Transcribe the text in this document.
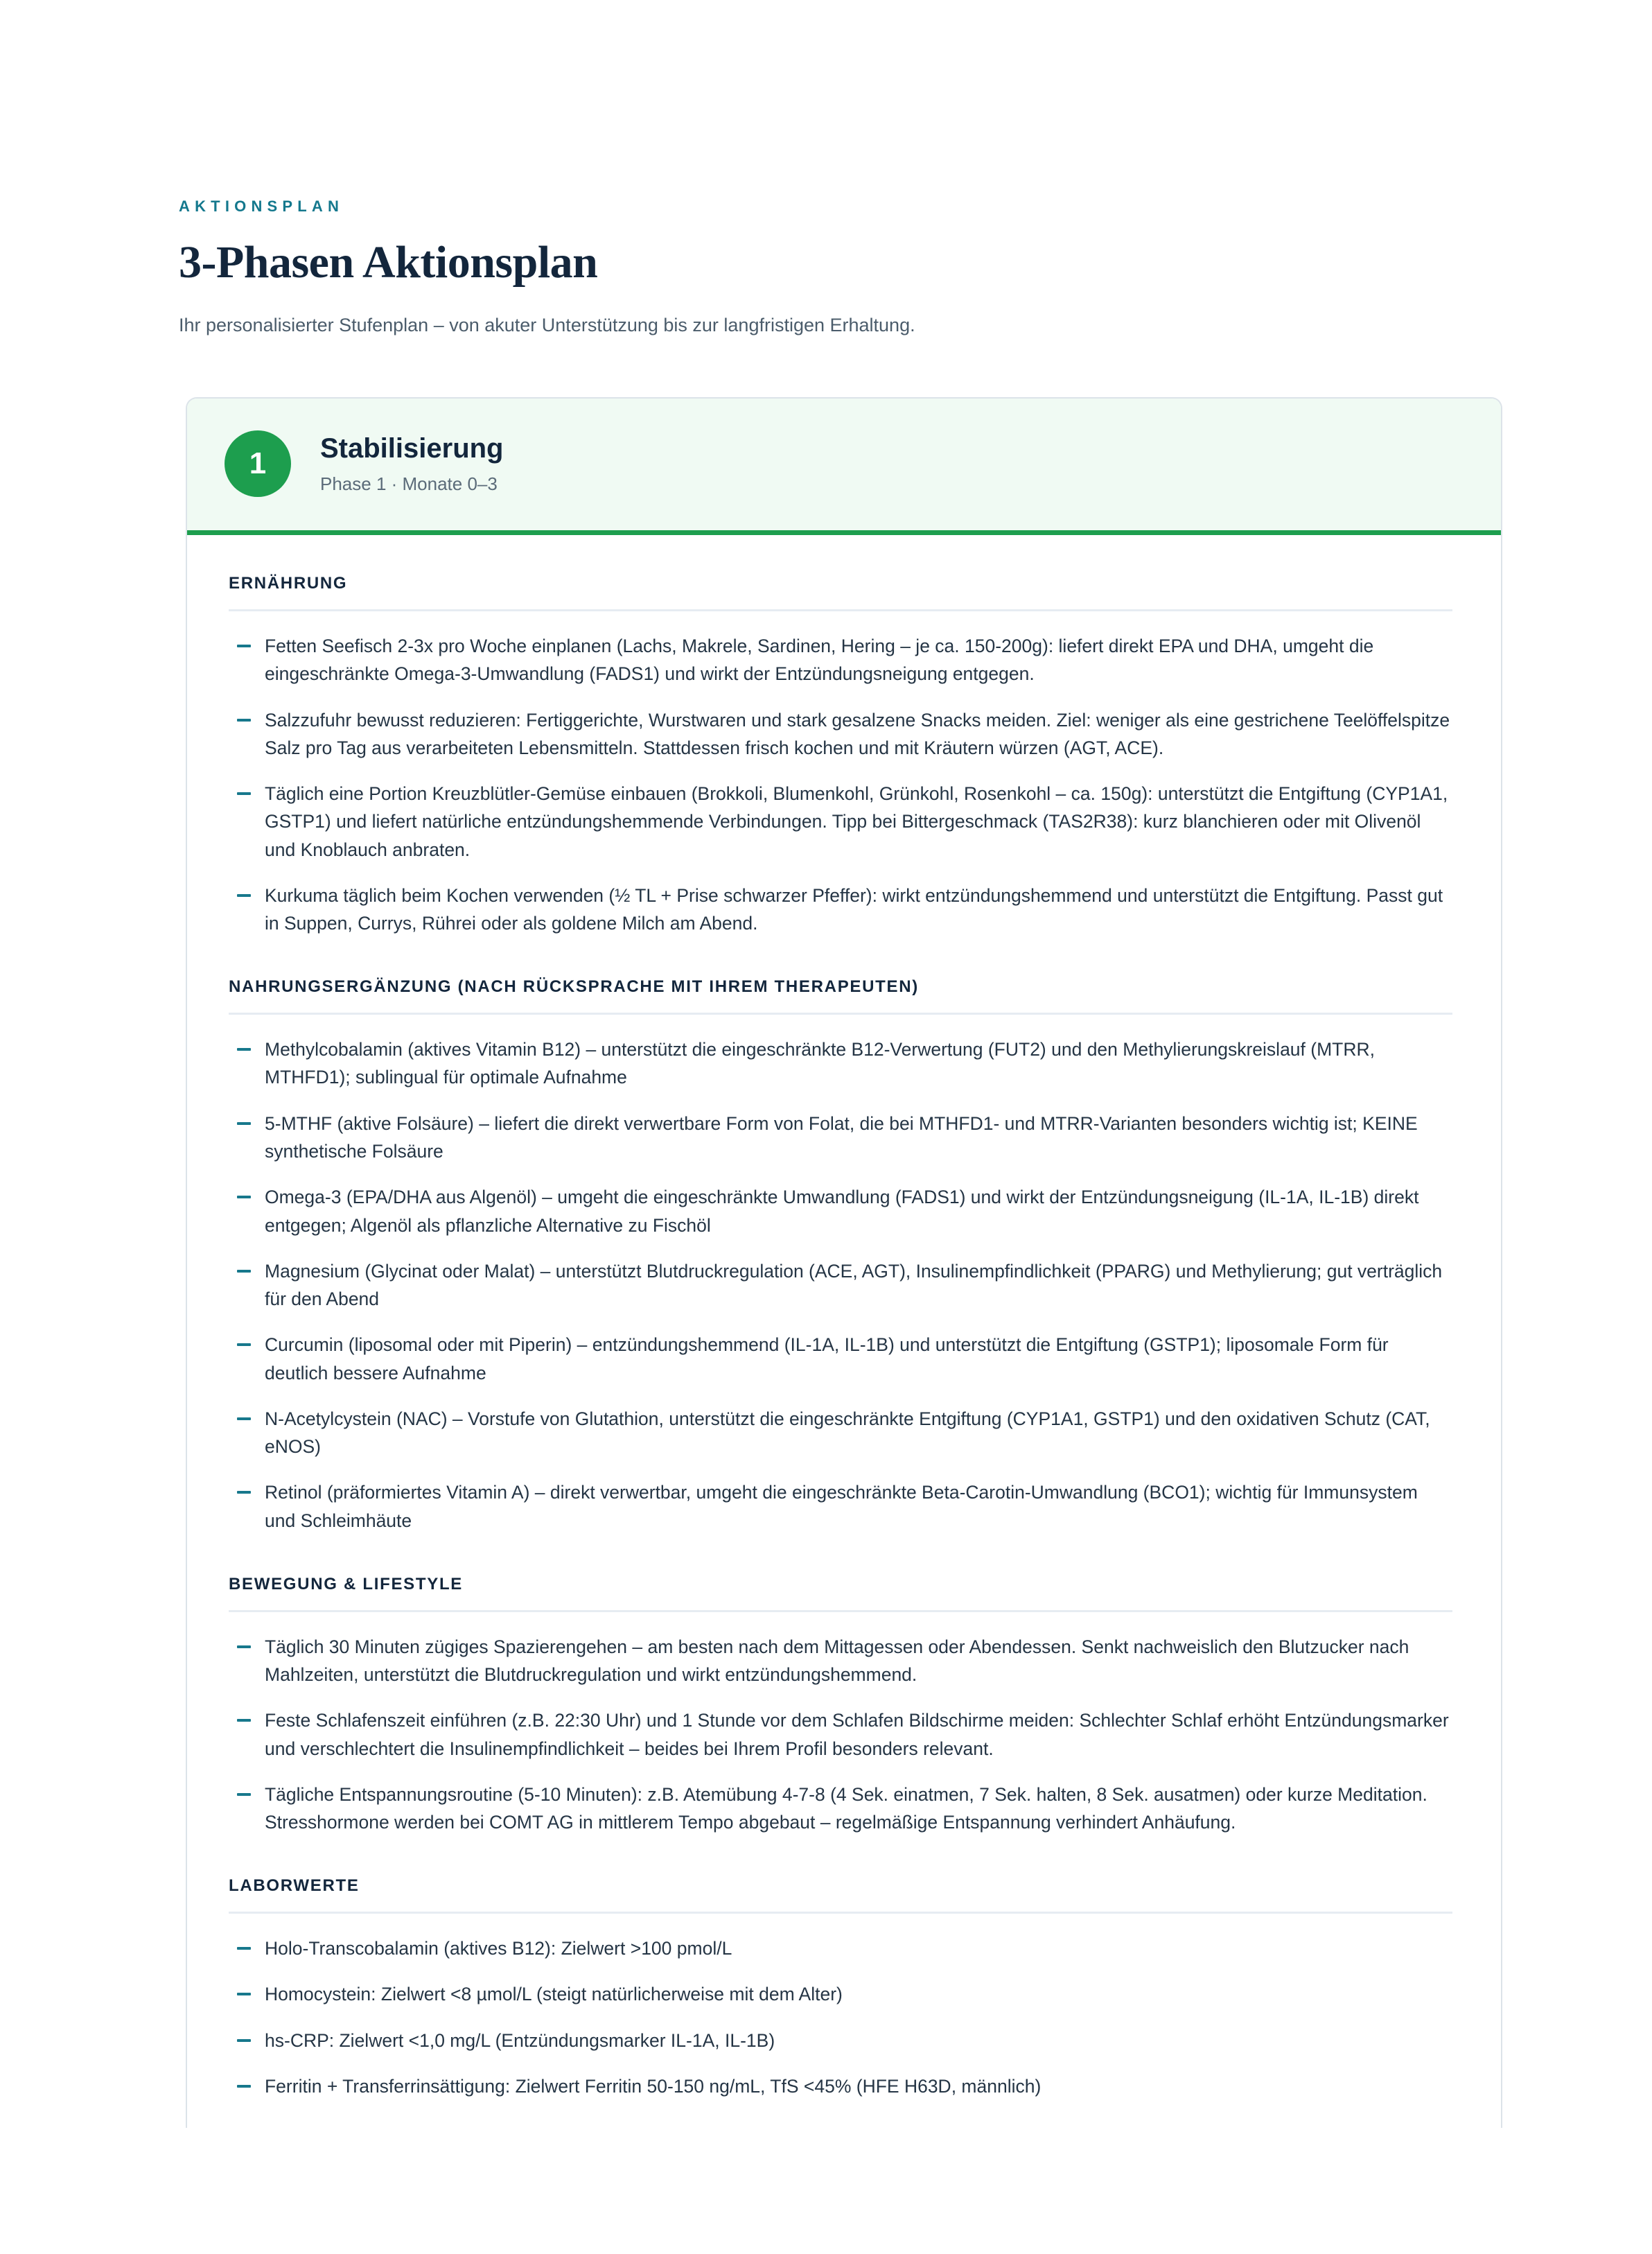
AKTIONSPLAN
3-Phasen Aktionsplan

Ihr personalisierter Stufenplan – von akuter Unterstützung bis zur langfristigen Erhaltung.

1	Stabilisierung
Phase 1 · Monate 0–3
ERNÄHRUNG
Fetten Seefisch 2-3x pro Woche einplanen (Lachs, Makrele, Sardinen, Hering – je ca. 150-200g): liefert direkt EPA und DHA, umgeht die eingeschränkte Omega-3-Umwandlung (FADS1) und wirkt der Entzündungsneigung entgegen.
Salzzufuhr bewusst reduzieren: Fertiggerichte, Wurstwaren und stark gesalzene Snacks meiden. Ziel: weniger als eine gestrichene Teelöffelspitze Salz pro Tag aus verarbeiteten Lebensmitteln. Stattdessen frisch kochen und mit Kräutern würzen (AGT, ACE).
Täglich eine Portion Kreuzblütler-Gemüse einbauen (Brokkoli, Blumenkohl, Grünkohl, Rosenkohl – ca. 150g): unterstützt die Entgiftung (CYP1A1, GSTP1) und liefert natürliche entzündungshemmende Verbindungen. Tipp bei Bittergeschmack (TAS2R38): kurz blanchieren oder mit Olivenöl und Knoblauch anbraten.
Kurkuma täglich beim Kochen verwenden (½ TL + Prise schwarzer Pfeffer): wirkt entzündungshemmend und unterstützt die Entgiftung. Passt gut in Suppen, Currys, Rührei oder als goldene Milch am Abend.
NAHRUNGSERGÄNZUNG (NACH RÜCKSPRACHE MIT IHREM THERAPEUTEN)
Methylcobalamin (aktives Vitamin B12) – unterstützt die eingeschränkte B12-Verwertung (FUT2) und den Methylierungskreislauf (MTRR, MTHFD1); sublingual für optimale Aufnahme
5-MTHF (aktive Folsäure) – liefert die direkt verwertbare Form von Folat, die bei MTHFD1- und MTRR-Varianten besonders wichtig ist; KEINE synthetische Folsäure
Omega-3 (EPA/DHA aus Algenöl) – umgeht die eingeschränkte Umwandlung (FADS1) und wirkt der Entzündungsneigung (IL-1A, IL-1B) direkt entgegen; Algenöl als pflanzliche Alternative zu Fischöl
Magnesium (Glycinat oder Malat) – unterstützt Blutdruckregulation (ACE, AGT), Insulinempfindlichkeit (PPARG) und Methylierung; gut verträglich für den Abend
Curcumin (liposomal oder mit Piperin) – entzündungshemmend (IL-1A, IL-1B) und unterstützt die Entgiftung (GSTP1); liposomale Form für deutlich bessere Aufnahme
N-Acetylcystein (NAC) – Vorstufe von Glutathion, unterstützt die eingeschränkte Entgiftung (CYP1A1, GSTP1) und den oxidativen Schutz (CAT, eNOS)
Retinol (präformiertes Vitamin A) – direkt verwertbar, umgeht die eingeschränkte Beta-Carotin-Umwandlung (BCO1); wichtig für Immunsystem und Schleimhäute
BEWEGUNG & LIFESTYLE
Täglich 30 Minuten zügiges Spazierengehen – am besten nach dem Mittagessen oder Abendessen. Senkt nachweislich den Blutzucker nach Mahlzeiten, unterstützt die Blutdruckregulation und wirkt entzündungshemmend.
Feste Schlafenszeit einführen (z.B. 22:30 Uhr) und 1 Stunde vor dem Schlafen Bildschirme meiden: Schlechter Schlaf erhöht Entzündungsmarker und verschlechtert die Insulinempfindlichkeit – beides bei Ihrem Profil besonders relevant.
Tägliche Entspannungsroutine (5-10 Minuten): z.B. Atemübung 4-7-8 (4 Sek. einatmen, 7 Sek. halten, 8 Sek. ausatmen) oder kurze Meditation. Stresshormone werden bei COMT AG in mittlerem Tempo abgebaut – regelmäßige Entspannung verhindert Anhäufung.
LABORWERTE
Holo-Transcobalamin (aktives B12): Zielwert >100 pmol/L
Homocystein: Zielwert <8 µmol/L (steigt natürlicherweise mit dem Alter)
hs-CRP: Zielwert <1,0 mg/L (Entzündungsmarker IL-1A, IL-1B)
Ferritin + Transferrinsättigung: Zielwert Ferritin 50-150 ng/mL, TfS <45% (HFE H63D, männlich)
